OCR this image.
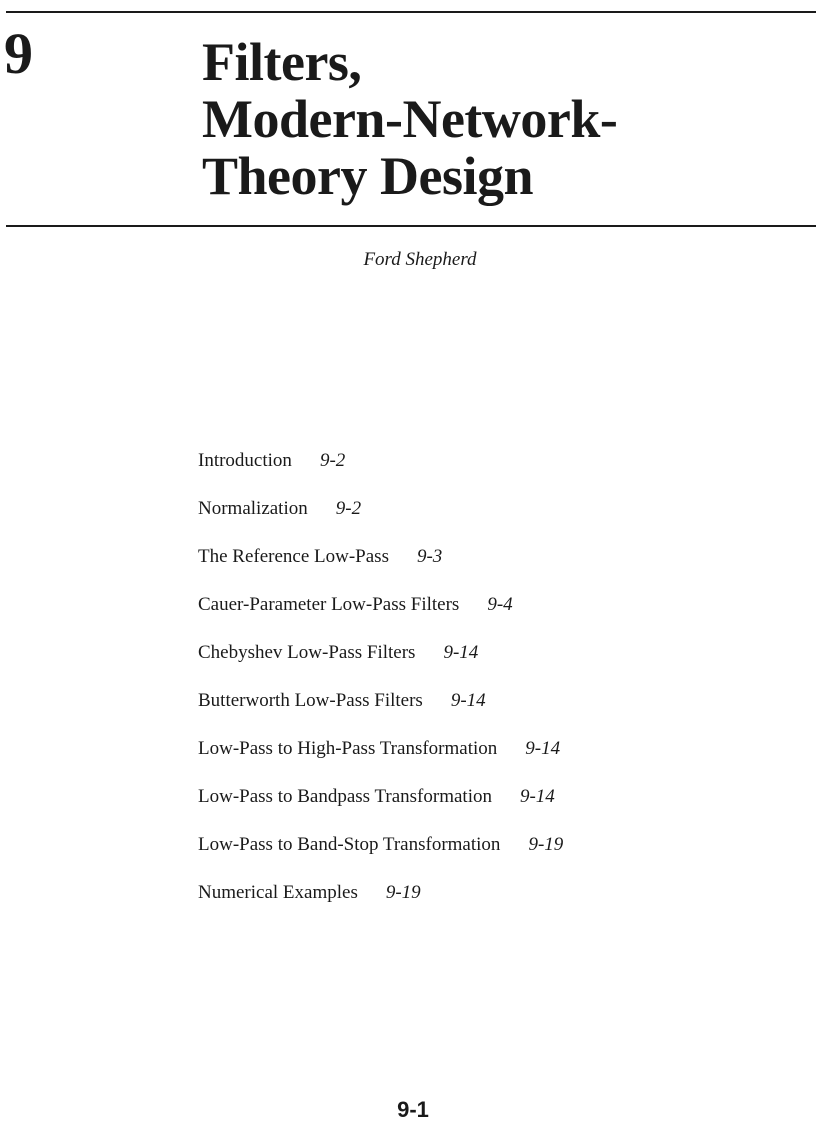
9	Filters,
Modern-Network-
Theory Design
Ford Shepherd
Introduction 9-2
Normalization 9-2
The Reference Low-Pass 9-3
Cauer-Parameter Low-Pass Filters 9-4
Chebyshev Low-Pass Filters 9-14
Butterworth Low-Pass Filters 9-14
Low-Pass to High-Pass Transformation 9-14
Low-Pass to Bandpass Transformation 9-14
Low-Pass to Band-Stop Transformation 9-19
Numerical Examples 9-19
9-1
